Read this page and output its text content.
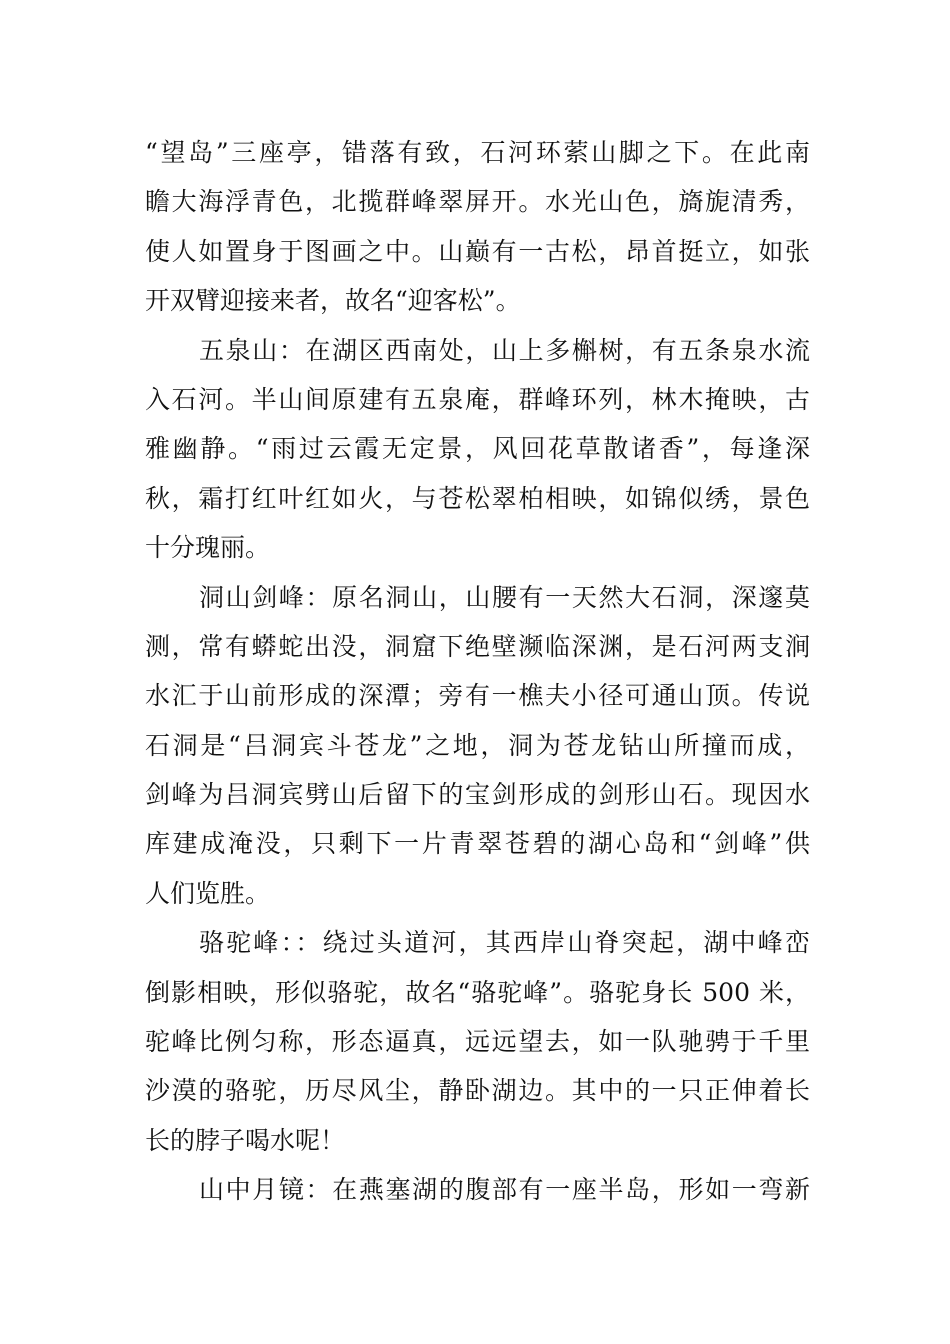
“望岛”三座亭，错落有致，石河环萦山脚之下。在此南
瞻大海浮青色，北揽群峰翠屏开。水光山色，旖旎清秀，
使人如置身于图画之中。山巅有一古松，昂首挺立，如张
开双臂迎接来者，故名“迎客松”。
五泉山：在湖区西南处，山上多槲树，有五条泉水流
入石河。半山间原建有五泉庵，群峰环列，林木掩映，古
雅幽静。“雨过云霞无定景，风回花草散诸香”，每逢深
秋，霜打红叶红如火，与苍松翠柏相映，如锦似绣，景色
十分瑰丽。
洞山剑峰：原名洞山，山腰有一天然大石洞，深邃莫
测，常有蟒蛇出没，洞窟下绝壁濒临深渊，是石河两支涧
水汇于山前形成的深潭；旁有一樵夫小径可通山顶。传说
石洞是“吕洞宾斗苍龙”之地，洞为苍龙钻山所撞而成，
剑峰为吕洞宾劈山后留下的宝剑形成的剑形山石。现因水
库建成淹没，只剩下一片青翠苍碧的湖心岛和“剑峰”供
人们览胜。
骆驼峰：：绕过头道河，其西岸山脊突起，湖中峰峦
倒影相映，形似骆驼，故名“骆驼峰”。骆驼身长 500 米，
驼峰比例匀称，形态逼真，远远望去，如一队驰骋于千里
沙漠的骆驼，历尽风尘，静卧湖边。其中的一只正伸着长
长的脖子喝水呢！
山中月镜：在燕塞湖的腹部有一座半岛，形如一弯新
